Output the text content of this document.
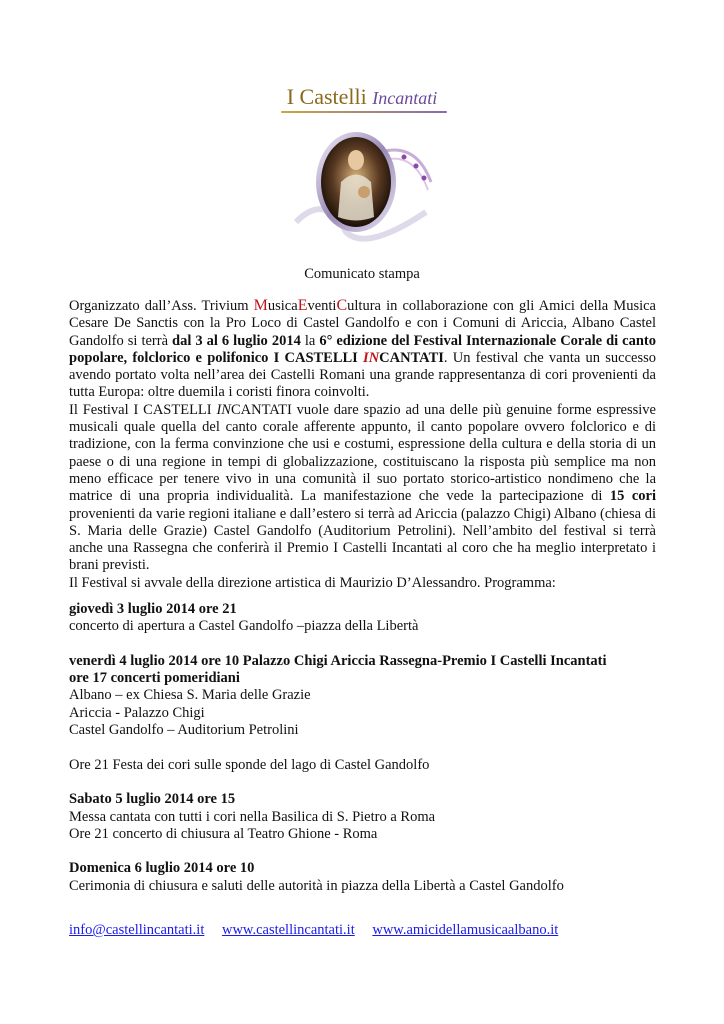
I Castelli Incantati
Comunicato stampa

Organizzato dall’Ass. Trivium MusicaEventiCultura in collaborazione con gli Amici della Musica Cesare De Sanctis con la Pro Loco di Castel Gandolfo e con i Comuni di Ariccia, Albano Castel Gandolfo si terrà dal 3 al 6 luglio 2014 la 6° edizione del Festival Internazionale Corale di canto popolare, folclorico e polifonico I CASTELLI INCANTATI. Un festival che vanta un successo avendo portato volta nell’area dei Castelli Romani una grande rappresentanza di cori provenienti da tutta Europa: oltre duemila i coristi finora coinvolti.

Il Festival I CASTELLI INCANTATI vuole dare spazio ad una delle più genuine forme espressive musicali quale quella del canto corale afferente appunto, il canto popolare ovvero folclorico e di tradizione, con la ferma convinzione che usi e costumi, espressione della cultura e della storia di un paese o di una regione in tempi di globalizzazione, costituiscano la risposta più semplice ma non meno efficace per tenere vivo in una comunità il suo portato storico-artistico nondimeno che la matrice di una propria individualità. La manifestazione che vede la partecipazione di 15 cori provenienti da varie regioni italiane e dall’estero si terrà ad Ariccia (palazzo Chigi) Albano (chiesa di S. Maria delle Grazie) Castel Gandolfo (Auditorium Petrolini). Nell’ambito del festival si terrà anche una Rassegna che conferirà il Premio I Castelli Incantati al coro che ha meglio interpretato i brani previsti.

Il Festival si avvale della direzione artistica di Maurizio D’Alessandro. Programma:

giovedì 3 luglio 2014 ore 21
concerto di apertura a Castel Gandolfo –piazza della Libertà
venerdì 4 luglio 2014 ore 10 Palazzo Chigi Ariccia Rassegna-Premio I Castelli Incantati
ore 17 concerti pomeridiani
Albano – ex Chiesa S. Maria delle Grazie
Ariccia - Palazzo Chigi
Castel Gandolfo – Auditorium Petrolini
Ore 21 Festa dei cori sulle sponde del lago di Castel Gandolfo
Sabato 5 luglio 2014 ore 15
Messa cantata con tutti i cori nella Basilica di S. Pietro a Roma
Ore 21 concerto di chiusura al Teatro Ghione - Roma
Domenica 6 luglio 2014 ore 10
Cerimonia di chiusura e saluti delle autorità in piazza della Libertà a Castel Gandolfo
info@castellincantati.it www.castellincantati.it www.amicidellamusicaalbano.it
